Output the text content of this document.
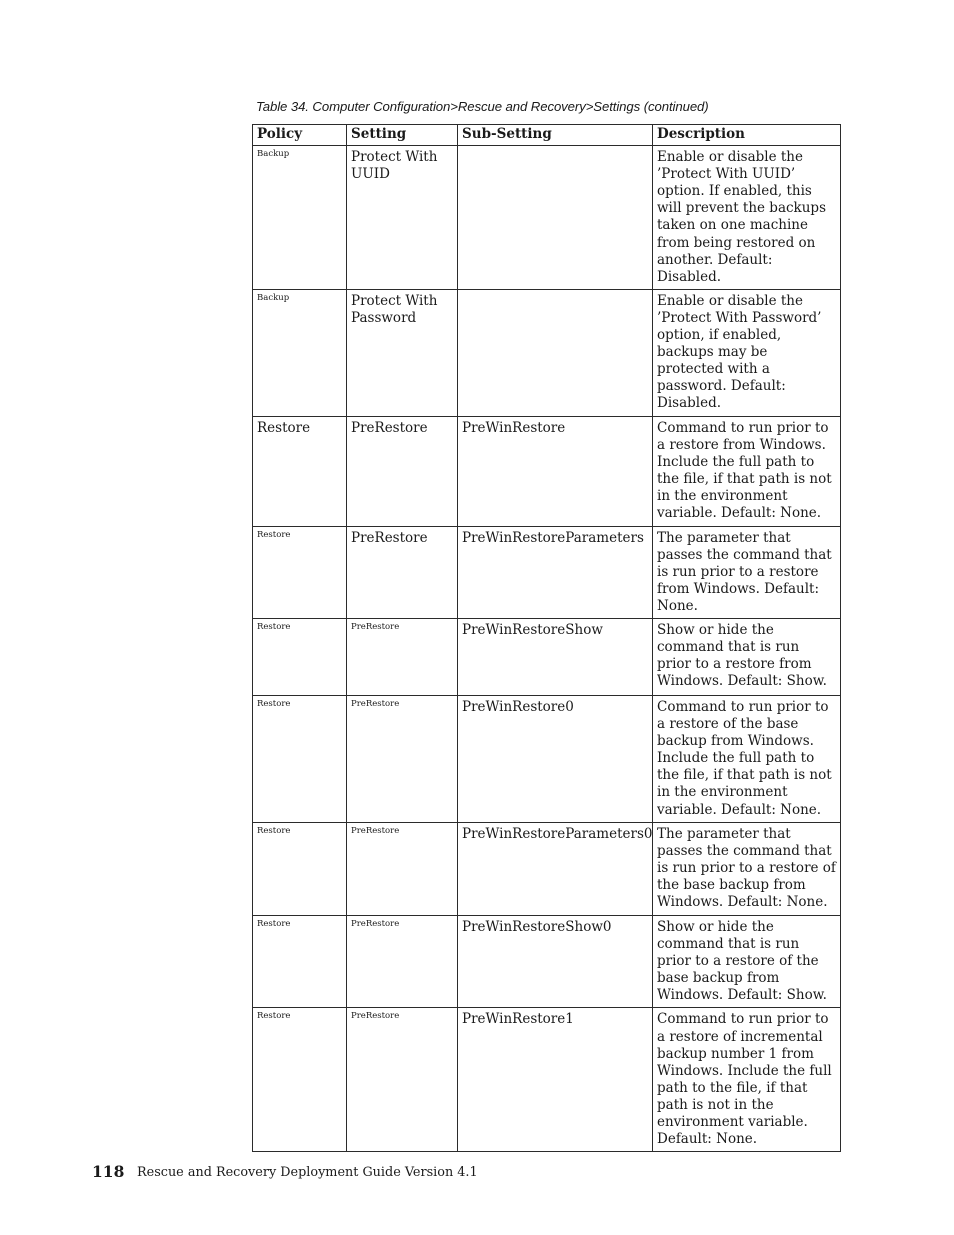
Table 34. Computer Configuration>Rescue and Recovery>Settings (continued)
Policy	Setting	Sub-Setting	Description
Backup	Protect With UUID		Enable or disable the ’Protect With UUID’ option. If enabled, this will prevent the backups taken on one machine from being restored on another. Default: Disabled.
Backup	Protect With Password		Enable or disable the ’Protect With Password’ option, if enabled, backups may be protected with a password. Default: Disabled.
Restore	PreRestore	PreWinRestore	Command to run prior to a restore from Windows. Include the full path to the file, if that path is not in the environment variable. Default: None.
Restore	PreRestore	PreWinRestoreParameters	The parameter that passes the command that is run prior to a restore from Windows. Default: None.
Restore	PreRestore	PreWinRestoreShow	Show or hide the command that is run prior to a restore from Windows. Default: Show.
Restore	PreRestore	PreWinRestore0	Command to run prior to a restore of the base backup from Windows. Include the full path to the file, if that path is not in the environment variable. Default: None.
Restore	PreRestore	PreWinRestoreParameters0	The parameter that passes the command that is run prior to a restore of the base backup from Windows. Default: None.
Restore	PreRestore	PreWinRestoreShow0	Show or hide the command that is run prior to a restore of the base backup from Windows. Default: Show.
Restore	PreRestore	PreWinRestore1	Command to run prior to a restore of incremental backup number 1 from Windows. Include the full path to the file, if that path is not in the environment variable. Default: None.
118 Rescue and Recovery Deployment Guide Version 4.1
